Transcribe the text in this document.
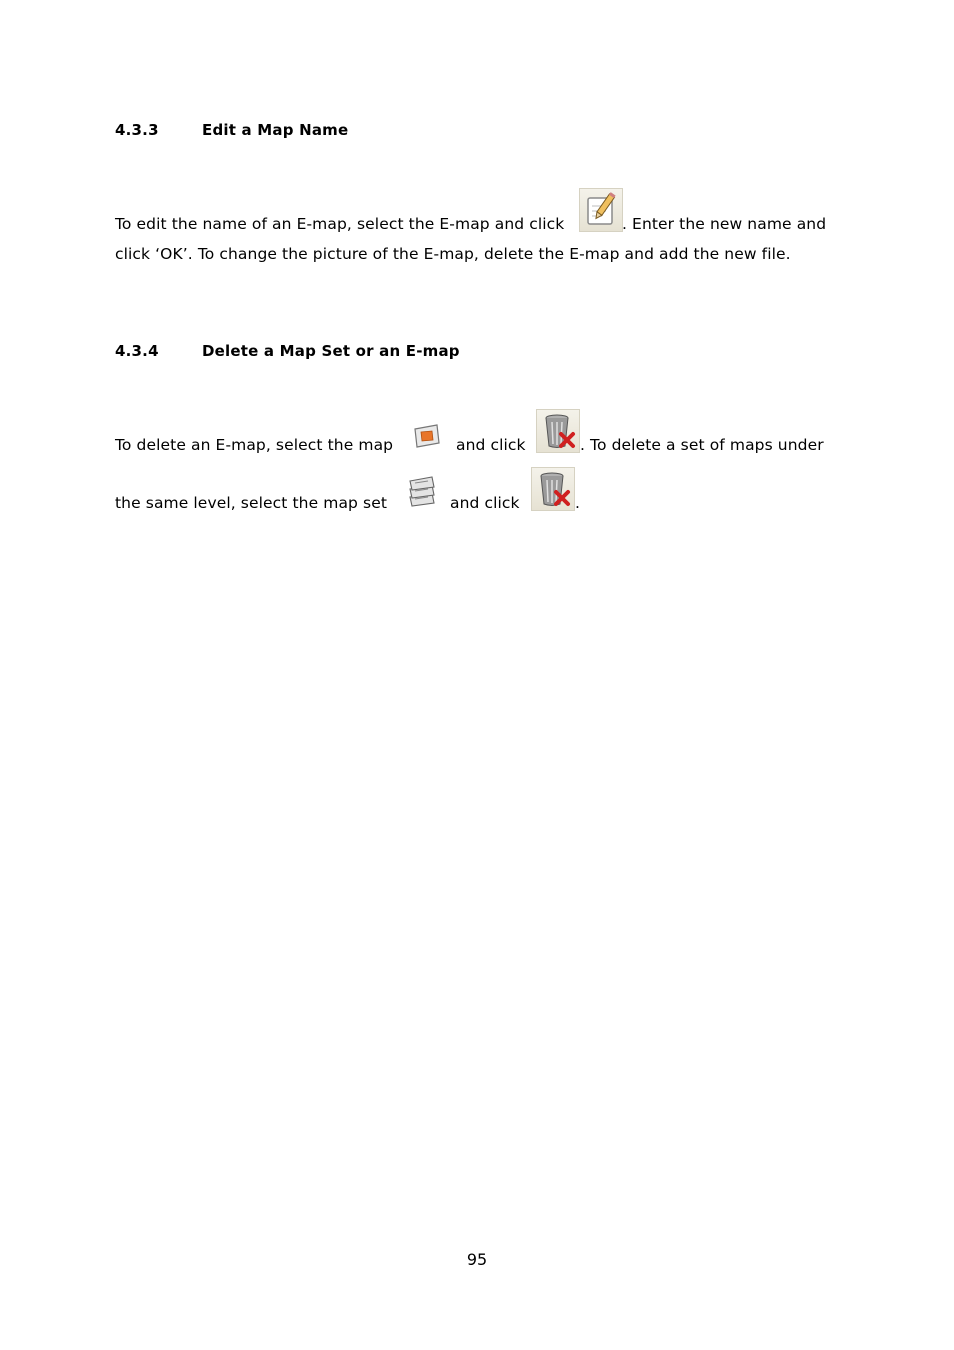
4.3.3	Edit a Map Name
To edit the name of an E-map, select the E-map and click	. Enter the new name and
click ‘OK’. To change the picture of the E-map, delete the E-map and add the new file.
4.3.4	Delete a Map Set or an E-map
To delete an E-map, select the map	and click	. To delete a set of maps under
the same level, select the map set	and click	.
95
